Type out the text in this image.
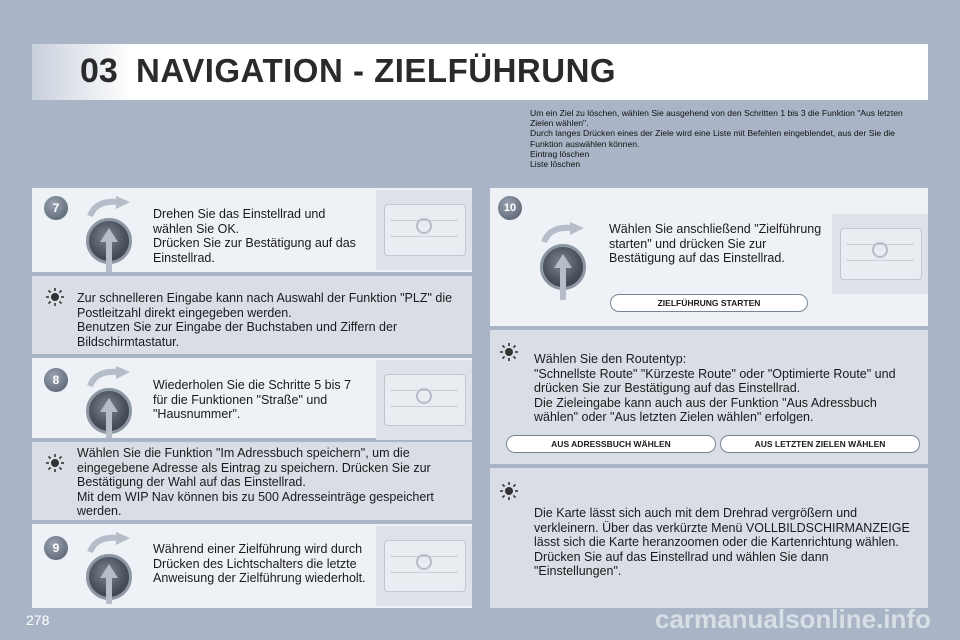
03 NAVIGATION - ZIELFÜHRUNG
Um ein Ziel zu löschen, wählen Sie ausgehend von den Schritten 1 bis 3 die Funktion "Aus letzten Zielen wählen".
Durch langes Drücken eines der Ziele wird eine Liste mit Befehlen eingeblendet, aus der Sie die Funktion auswählen können.
Eintrag löschen
Liste löschen
7	Drehen Sie das Einstellrad und wählen Sie OK.
Drücken Sie zur Bestätigung auf das Einstellrad.
Zur schnelleren Eingabe kann nach Auswahl der Funktion "PLZ" die Postleitzahl direkt eingegeben werden.
Benutzen Sie zur Eingabe der Buchstaben und Ziffern der Bildschirmtastatur.
8	Wiederholen Sie die Schritte 5 bis 7 für die Funktionen "Straße" und "Hausnummer".
Wählen Sie die Funktion "Im Adressbuch speichern", um die eingegebene Adresse als Eintrag zu speichern. Drücken Sie zur Bestätigung der Wahl auf das Einstellrad.
Mit dem WIP Nav können bis zu 500 Adresseinträge gespeichert werden.
9	Während einer Zielführung wird durch Drücken des Lichtschalters die letzte Anweisung der Zielführung wiederholt.
10
Wählen Sie anschließend "Zielführung starten" und drücken Sie zur Bestätigung auf das Einstellrad.
ZIELFÜHRUNG STARTEN
Wählen Sie den Routentyp:
"Schnellste Route" "Kürzeste Route" oder "Optimierte Route" und drücken Sie zur Bestätigung auf das Einstellrad.
Die Zieleingabe kann auch aus der Funktion "Aus Adressbuch wählen" oder "Aus letzten Zielen wählen" erfolgen.
AUS ADRESSBUCH WÄHLEN	AUS LETZTEN ZIELEN WÄHLEN
Die Karte lässt sich auch mit dem Drehrad vergrößern und verkleinern. Über das verkürzte Menü VOLLBILDSCHIRMANZEIGE lässt sich die Karte heranzoomen oder die Kartenrichtung wählen.
Drücken Sie auf das Einstellrad und wählen Sie dann "Einstellungen".
278	carmanualsonline.info
